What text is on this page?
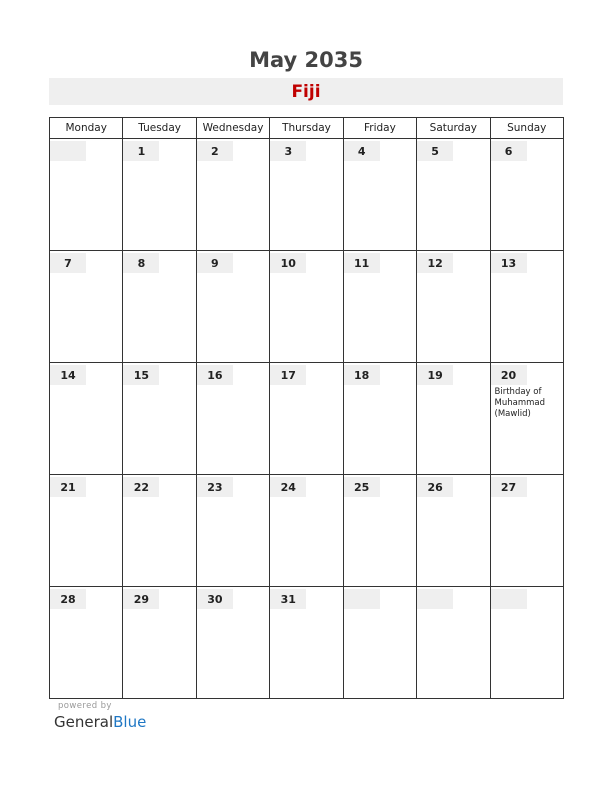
May 2035
Fiji
Monday	Tuesday	Wednesday	Thursday	Friday	Saturday	Sunday

	1	2	3	4	5	6

7	8	9	10	11	12	13

14	15	16	17	18	19	20
Birthday of Muhammad (Mawlid)

21	22	23	24	25	26	27

28	29	30	31			

powered by
GeneralBlue
